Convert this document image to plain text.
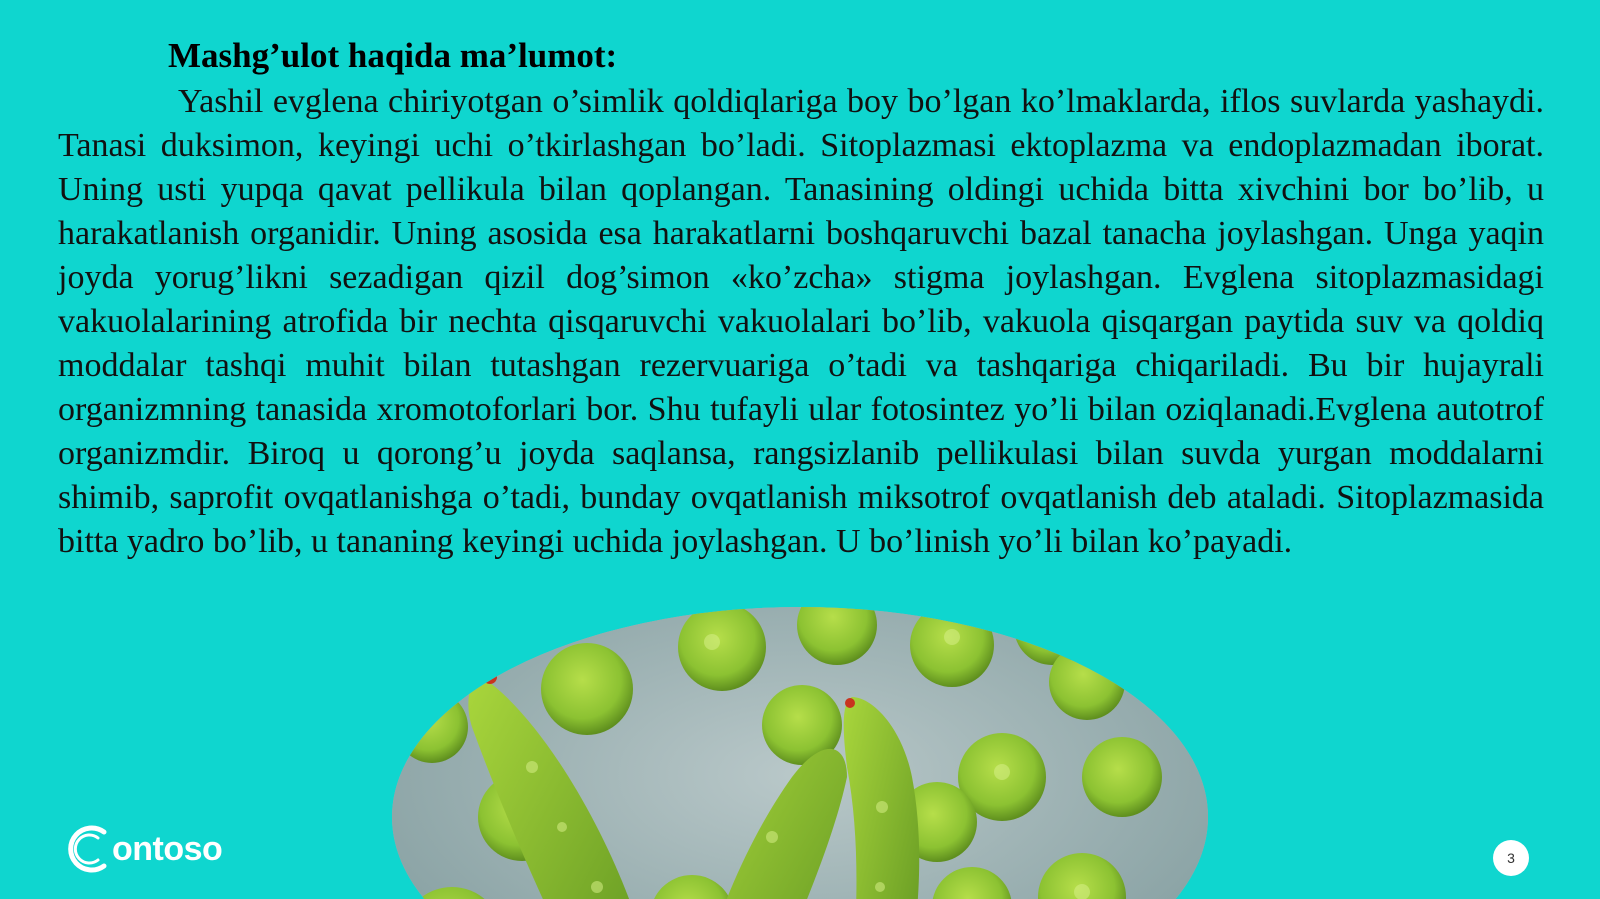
Mashg’ulot haqida ma’lumot:

Yashil evglena chiriyotgan o’simlik qoldiqlariga boy bo’lgan ko’lmaklarda, iflos suvlarda yashaydi. Tanasi duksimon, keyingi uchi o’tkirlashgan bo’ladi. Sitoplazmasi ektoplazma va endoplazmadan iborat. Uning usti yupqa qavat pellikula bilan qoplangan. Tanasining oldingi uchida bitta xivchini bor bo’lib, u harakatlanish organidir. Uning asosida esa harakatlarni boshqaruvchi bazal tanacha joylashgan. Unga yaqin joyda yorug’likni sezadigan qizil dog’simon «ko’zcha» stigma joylashgan. Evglena sitoplazmasidagi vakuolalarining atrofida bir nechta qisqaruvchi vakuolalari bo’lib, vakuola qisqargan paytida suv va qoldiq moddalar tashqi muhit bilan tutashgan rezervuariga o’tadi va tashqariga chiqariladi. Bu bir hujayrali organizmning tanasida xromotoforlari bor. Shu tufayli ular fotosintez yo’li bilan oziqlanadi.Evglena autotrof organizmdir. Biroq u qorong’u joyda saqlansa, rangsizlanib pellikulasi bilan suvda yurgan moddalarni shimib, saprofit ovqatlanishga o’tadi, bunday ovqatlanish miksotrof ovqatlanish deb ataladi. Sitoplazmasida bitta yadro bo’lib, u tananing keyingi uchida joylashgan. U bo’linish yo’li bilan ko’payadi.

ontoso	3
